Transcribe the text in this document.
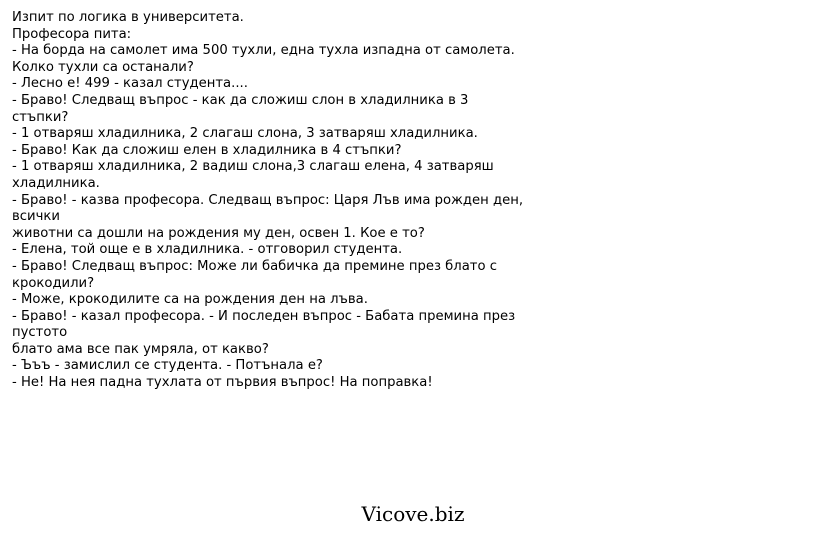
Изпит по логика в университета.
Професора пита:
- На борда на самолет има 500 тухли, една тухла изпадна от самолета.
Колко тухли са останали?
- Лесно е! 499 - казал студента....
- Браво! Следващ въпрос - как да сложиш слон в хладилника в 3
стъпки?
- 1 отваряш хладилника, 2 слагаш слона, 3 затваряш хладилника.
- Браво! Как да сложиш елен в хладилника в 4 стъпки?
- 1 отваряш хладилника, 2 вадиш слона,3 слагаш елена, 4 затваряш
хладилника.
- Браво! - казва професора. Следващ въпрос: Царя Лъв има рожден ден,
всички
животни са дошли на рождения му ден, освен 1. Кое е то?
- Елена, той още е в хладилника. - отговорил студента.
- Браво! Следващ въпрос: Може ли бабичка да премине през блато с
крокодили?
- Може, крокодилите са на рождения ден на лъва.
- Браво! - казал професора. - И последен въпрос - Бабата премина през
пустото
блато ама все пак умряла, от какво?
- Ъъъ - замислил се студента. - Потънала е?
- Не! На нея падна тухлата от първия въпрос! На поправка!
Vicove.biz
